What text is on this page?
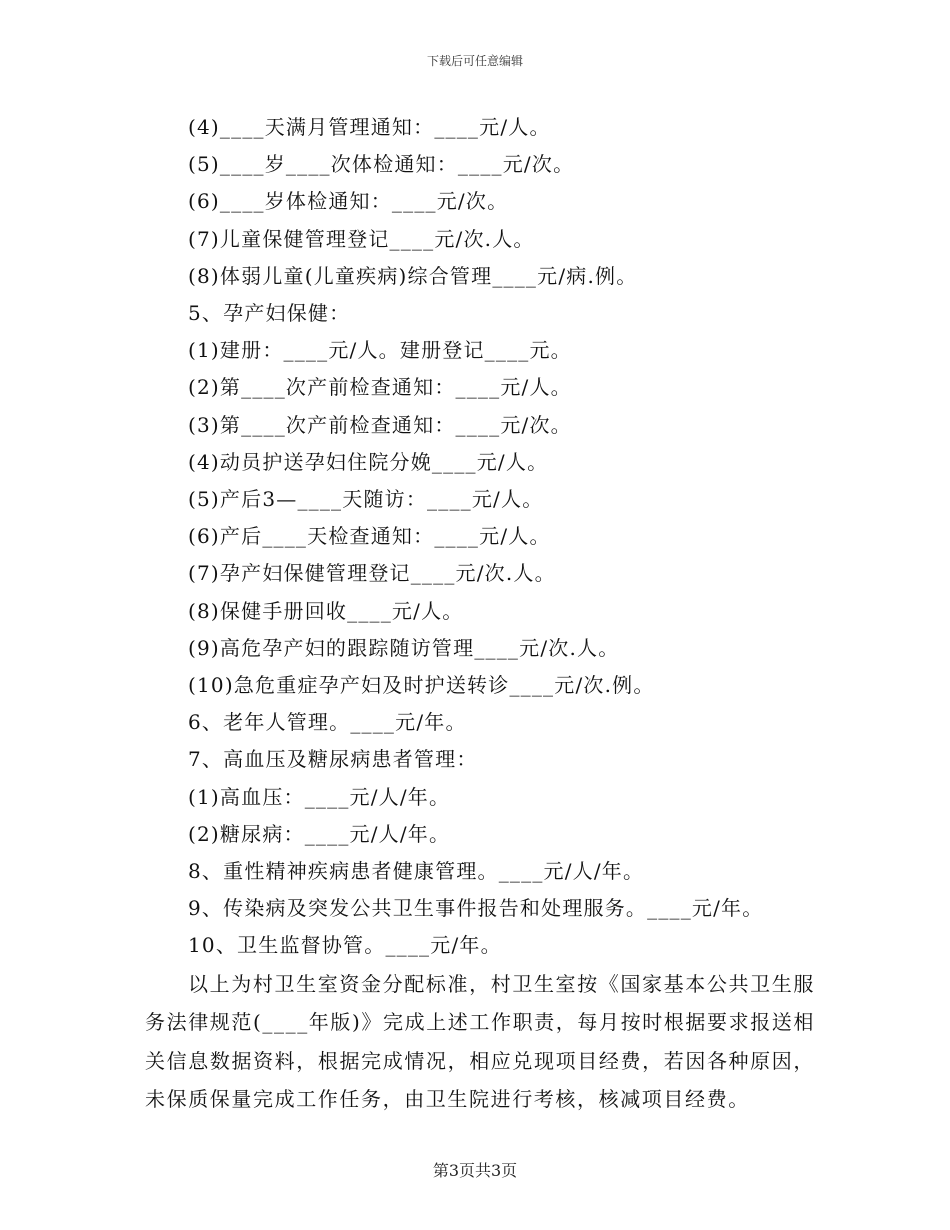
下载后可任意编辑
(4)____天满月管理通知：____元/人。
(5)____岁____次体检通知：____元/次。
(6)____岁体检通知：____元/次。
(7)儿童保健管理登记____元/次.人。
(8)体弱儿童(儿童疾病)综合管理____元/病.例。
5、孕产妇保健：
(1)建册：____元/人。建册登记____元。
(2)第____次产前检查通知：____元/人。
(3)第____次产前检查通知：____元/次。
(4)动员护送孕妇住院分娩____元/人。
(5)产后3—____天随访：____元/人。
(6)产后____天检查通知：____元/人。
(7)孕产妇保健管理登记____元/次.人。
(8)保健手册回收____元/人。
(9)高危孕产妇的跟踪随访管理____元/次.人。
(10)急危重症孕产妇及时护送转诊____元/次.例。
6、老年人管理。____元/年。
7、高血压及糖尿病患者管理：
(1)高血压：____元/人/年。
(2)糖尿病：____元/人/年。
8、重性精神疾病患者健康管理。____元/人/年。
9、传染病及突发公共卫生事件报告和处理服务。____元/年。
10、卫生监督协管。____元/年。
以上为村卫生室资金分配标准，村卫生室按《国家基本公共卫生服务法律规范(____年版)》完成上述工作职责，每月按时根据要求报送相关信息数据资料，根据完成情况，相应兑现项目经费，若因各种原因，未保质保量完成工作任务，由卫生院进行考核，核减项目经费。
第3页共3页
